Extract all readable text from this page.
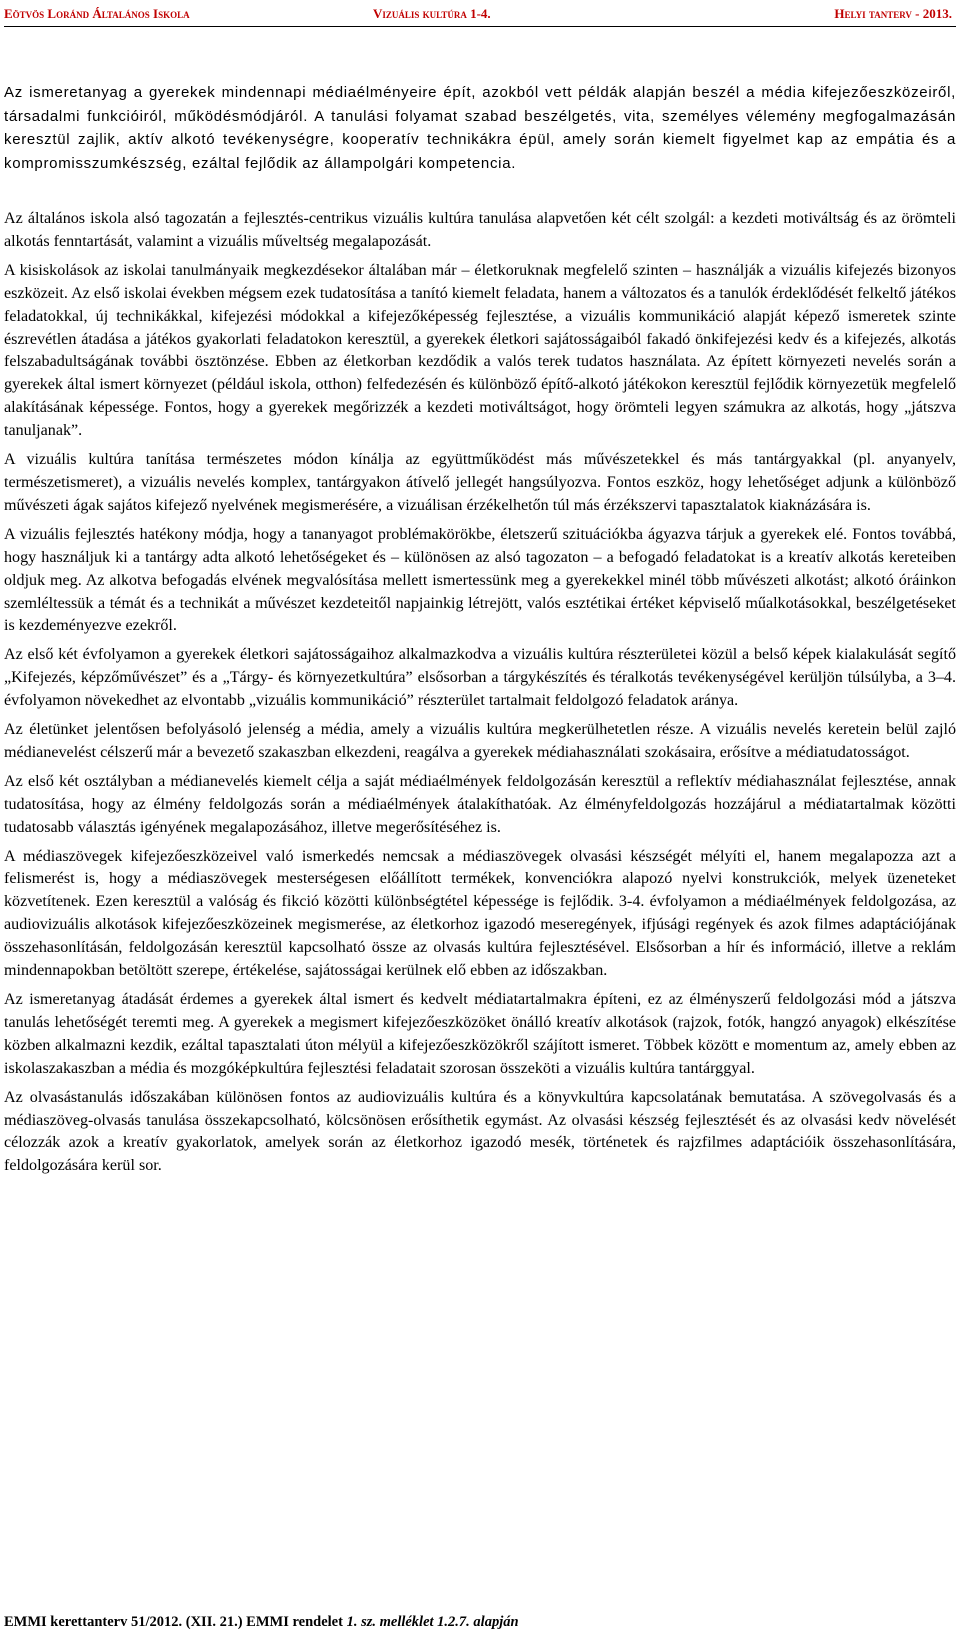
Eötvös Loránd Általános Iskola	Vizuális kultúra 1-4.	Helyi tanterv - 2013.

Az ismeretanyag a gyerekek mindennapi médiaélményeire épít, azokból vett példák alapján beszél a média kifejezőeszközeiről, társadalmi funkcióiról, működésmódjáról. A tanulási folyamat szabad beszélgetés, vita, személyes vélemény megfogalmazásán keresztül zajlik, aktív alkotó tevékenységre, kooperatív technikákra épül, amely során kiemelt figyelmet kap az empátia és a kompromisszumkészség, ezáltal fejlődik az állampolgári kompetencia.

Az általános iskola alsó tagozatán a fejlesztés-centrikus vizuális kultúra tanulása alapvetően két célt szolgál: a kezdeti motiváltság és az örömteli alkotás fenntartását, valamint a vizuális műveltség megalapozását.

A kisiskolások az iskolai tanulmányaik megkezdésekor általában már – életkoruknak megfelelő szinten – használják a vizuális kifejezés bizonyos eszközeit. Az első iskolai években mégsem ezek tudatosítása a tanító kiemelt feladata, hanem a változatos és a tanulók érdeklődését felkeltő játékos feladatokkal, új technikákkal, kifejezési módokkal a kifejezőképesség fejlesztése, a vizuális kommunikáció alapját képező ismeretek szinte észrevétlen átadása a játékos gyakorlati feladatokon keresztül, a gyerekek életkori sajátosságaiból fakadó önkifejezési kedv és a kifejezés, alkotás felszabadultságának további ösztönzése. Ebben az életkorban kezdődik a valós terek tudatos használata. Az épített környezeti nevelés során a gyerekek által ismert környezet (például iskola, otthon) felfedezésén és különböző építő-alkotó játékokon keresztül fejlődik környezetük megfelelő alakításának képessége. Fontos, hogy a gyerekek megőrizzék a kezdeti motiváltságot, hogy örömteli legyen számukra az alkotás, hogy „játszva tanuljanak”.

A vizuális kultúra tanítása természetes módon kínálja az együttműködést más művészetekkel és más tantárgyakkal (pl. anyanyelv, természetismeret), a vizuális nevelés komplex, tantárgyakon átívelő jellegét hangsúlyozva. Fontos eszköz, hogy lehetőséget adjunk a különböző művészeti ágak sajátos kifejező nyelvének megismerésére, a vizuálisan érzékelhetőn túl más érzékszervi tapasztalatok kiaknázására is.

A vizuális fejlesztés hatékony módja, hogy a tananyagot problémakörökbe, életszerű szituációkba ágyazva tárjuk a gyerekek elé. Fontos továbbá, hogy használjuk ki a tantárgy adta alkotó lehetőségeket és – különösen az alsó tagozaton – a befogadó feladatokat is a kreatív alkotás kereteiben oldjuk meg. Az alkotva befogadás elvének megvalósítása mellett ismertessünk meg a gyerekekkel minél több művészeti alkotást; alkotó óráinkon szemléltessük a témát és a technikát a művészet kezdeteitől napjainkig létrejött, valós esztétikai értéket képviselő műalkotásokkal, beszélgetéseket is kezdeményezve ezekről.

Az első két évfolyamon a gyerekek életkori sajátosságaihoz alkalmazkodva a vizuális kultúra részterületei közül a belső képek kialakulását segítő „Kifejezés, képzőművészet” és a „Tárgy- és környezetkultúra” elsősorban a tárgykészítés és téralkotás tevékenységével kerüljön túlsúlyba, a 3–4. évfolyamon növekedhet az elvontabb „vizuális kommunikáció” részterület tartalmait feldolgozó feladatok aránya.

Az életünket jelentősen befolyásoló jelenség a média, amely a vizuális kultúra megkerülhetetlen része. A vizuális nevelés keretein belül zajló médianevelést célszerű már a bevezető szakaszban elkezdeni, reagálva a gyerekek médiahasználati szokásaira, erősítve a médiatudatosságot.

Az első két osztályban a médianevelés kiemelt célja a saját médiaélmények feldolgozásán keresztül a reflektív médiahasználat fejlesztése, annak tudatosítása, hogy az élmény feldolgozás során a médiaélmények átalakíthatóak. Az élményfeldolgozás hozzájárul a médiatartalmak közötti tudatosabb választás igényének megalapozásához, illetve megerősítéséhez is.

A médiaszövegek kifejezőeszközeivel való ismerkedés nemcsak a médiaszövegek olvasási készségét mélyíti el, hanem megalapozza azt a felismerést is, hogy a médiaszövegek mesterségesen előállított termékek, konvenciókra alapozó nyelvi konstrukciók, melyek üzeneteket közvetítenek. Ezen keresztül a valóság és fikció közötti különbségtétel képessége is fejlődik. 3-4. évfolyamon a médiaélmények feldolgozása, az audiovizuális alkotások kifejezőeszközeinek megismerése, az életkorhoz igazodó meseregények, ifjúsági regények és azok filmes adaptációjának összehasonlításán, feldolgozásán keresztül kapcsolható össze az olvasás kultúra fejlesztésével. Elsősorban a hír és információ, illetve a reklám mindennapokban betöltött szerepe, értékelése, sajátosságai kerülnek elő ebben az időszakban.

Az ismeretanyag átadását érdemes a gyerekek által ismert és kedvelt médiatartalmakra építeni, ez az élményszerű feldolgozási mód a játszva tanulás lehetőségét teremti meg. A gyerekek a megismert kifejezőeszközöket önálló kreatív alkotások (rajzok, fotók, hangzó anyagok) elkészítése közben alkalmazni kezdik, ezáltal tapasztalati úton mélyül a kifejezőeszközökről szájított ismeret. Többek között e momentum az, amely ebben az iskolaszakaszban a média és mozgóképkultúra fejlesztési feladatait szorosan összeköti a vizuális kultúra tantárggyal.

Az olvasástanulás időszakában különösen fontos az audiovizuális kultúra és a könyvkultúra kapcsolatának bemutatása. A szövegolvasás és a médiaszöveg-olvasás tanulása összekapcsolható, kölcsönösen erősíthetik egymást. Az olvasási készség fejlesztését és az olvasási kedv növelését célozzák azok a kreatív gyakorlatok, amelyek során az életkorhoz igazodó mesék, történetek és rajzfilmes adaptációik összehasonlítására, feldolgozására kerül sor.

EMMI kerettanterv 51/2012. (XII. 21.) EMMI rendelet 1. sz. melléklet 1.2.7. alapján
